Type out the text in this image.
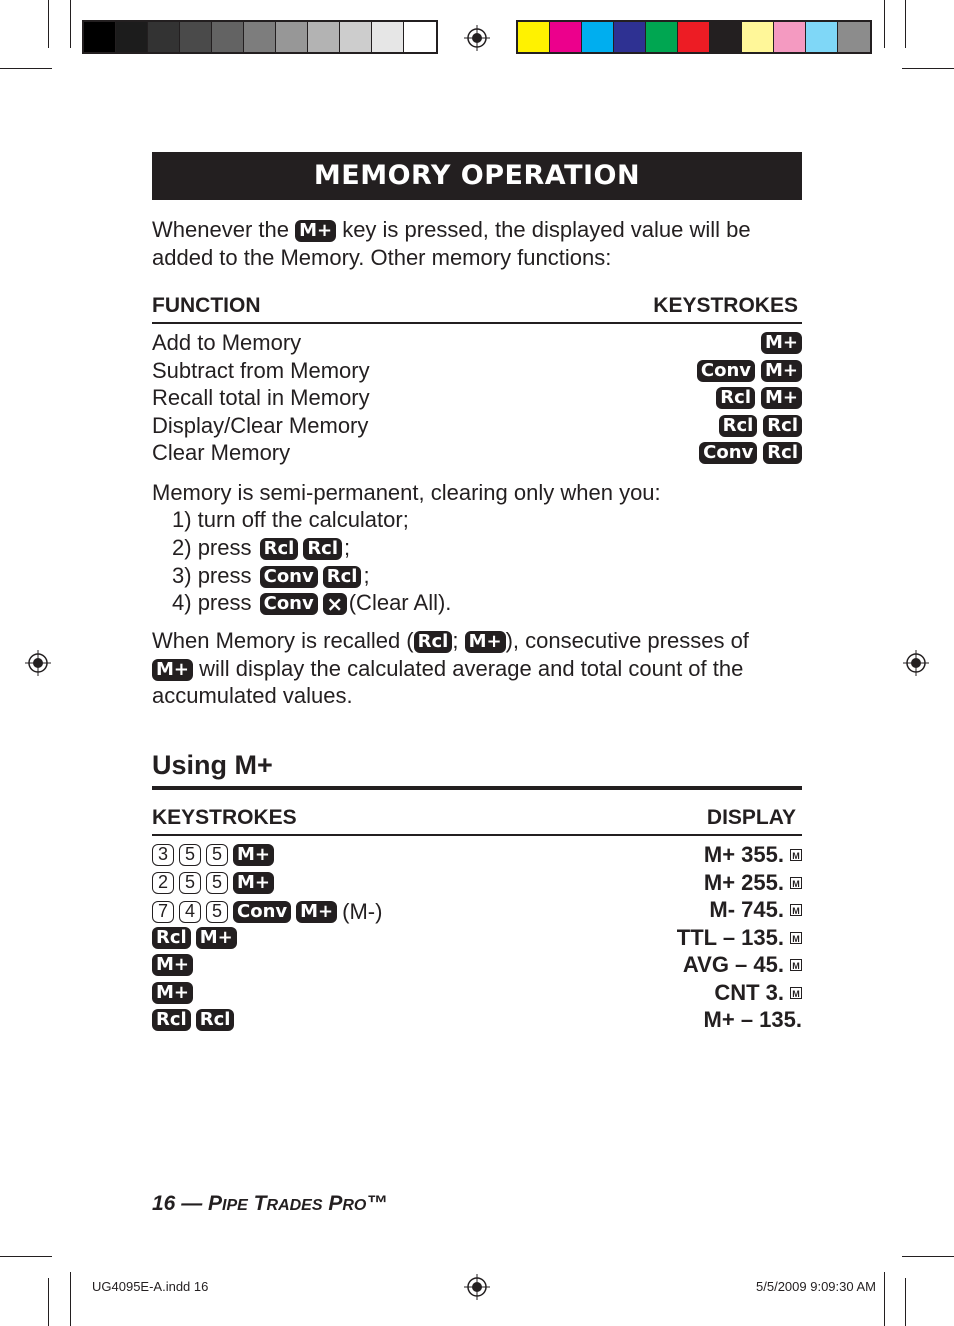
MEMORY OPERATION
Whenever the M+ key is pressed, the displayed value will be
added to the Memory. Other memory functions:
FUNCTION	KEYSTROKES
Add to Memory	M+
Subtract from Memory	Conv M+
Recall total in Memory	Rcl M+
Display/Clear Memory	Rcl Rcl
Clear Memory	Conv Rcl
Memory is semi-permanent, clearing only when you:
1) turn off the calculator;
2) press Rcl Rcl ;
3) press Conv Rcl ;
4) press Conv × (Clear All).
When Memory is recalled ( Rcl ; M+ ), consecutive presses of
M+ will display the calculated average and total count of the
accumulated values.
Using M+
KEYSTROKES	DISPLAY
3 5 5 M+	M+ 355. M
2 5 5 M+	M+ 255. M
7 4 5 Conv M+ (M-)	M- 745. M
Rcl M+	TTL – 135. M
M+	AVG – 45. M
M+	CNT 3. M
Rcl Rcl	M+ – 135.
16 — PIPE TRADES PRO™
UG4095E-A.indd 16	5/5/2009 9:09:30 AM
